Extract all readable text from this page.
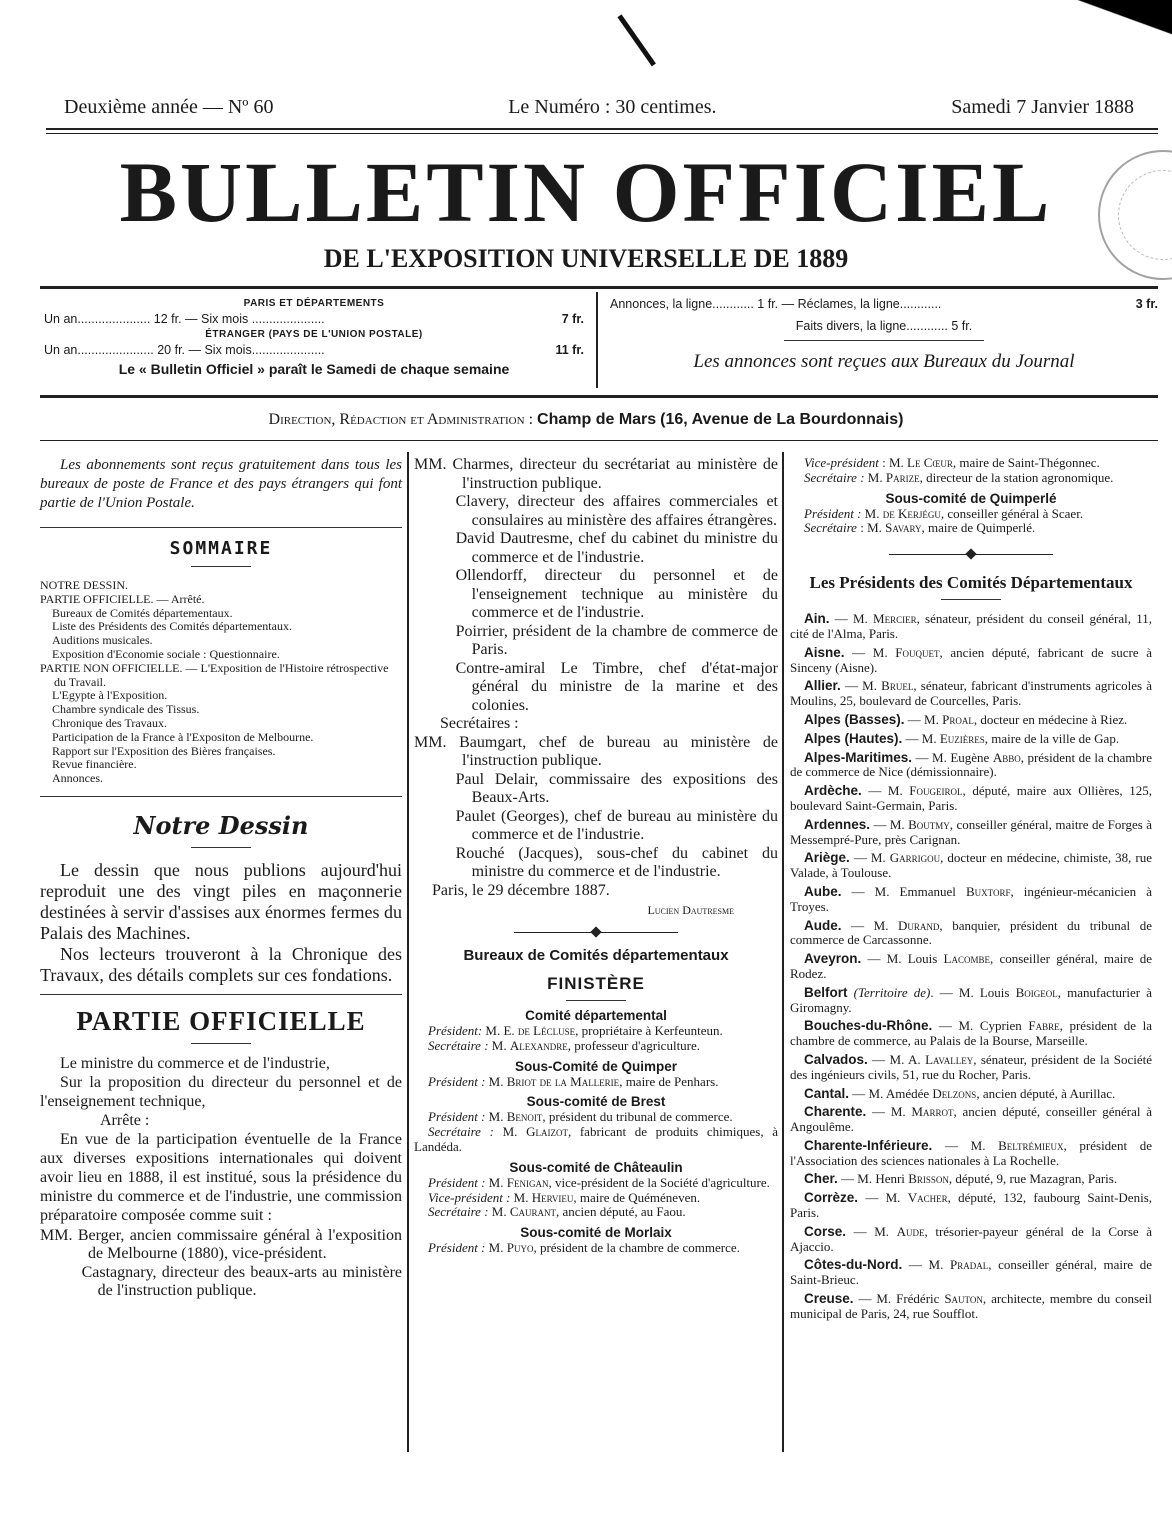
Deuxième année — Nº 60	Le Numéro : 30 centimes.	Samedi 7 Janvier 1888
BULLETIN OFFICIEL
DE L'EXPOSITION UNIVERSELLE DE 1889
PARIS ET DÉPARTEMENTS
Un an..................... 12 fr. — Six mois .....................	7 fr.
ÉTRANGER (PAYS DE L'UNION POSTALE)
Un an...................... 20 fr. — Six mois.....................	11 fr.
Le « Bulletin Officiel » paraît le Samedi de chaque semaine
Annonces, la ligne............ 1 fr. — Réclames, la ligne............	3 fr.
Faits divers, la ligne............ 5 fr.
Les annonces sont reçues aux Bureaux du Journal
Direction, Rédaction et Administration : Champ de Mars (16, Avenue de La Bourdonnais)

Les abonnements sont reçus gratuitement dans tous les bureaux de poste de France et des pays étrangers qui font partie de l'Union Postale.

SOMMAIRE
NOTRE DESSIN.
PARTIE OFFICIELLE. — Arrêté.
Bureaux de Comités départementaux.
Liste des Présidents des Comités départementaux.
Auditions musicales.
Exposition d'Economie sociale : Questionnaire.
PARTIE NON OFFICIELLE. — L'Exposition de l'Histoire rétrospective du Travail.
L'Egypte à l'Exposition.
Chambre syndicale des Tissus.
Chronique des Travaux.
Participation de la France à l'Expositon de Melbourne.
Rapport sur l'Exposition des Bières françaises.
Revue financière.
Annonces.
Notre Dessin

Le dessin que nous publions aujourd'hui reproduit une des vingt piles en maçonnerie destinées à servir d'assises aux énormes fermes du Palais des Machines.

Nos lecteurs trouveront à la Chronique des Travaux, des détails complets sur ces fondations.

PARTIE OFFICIELLE

Le ministre du commerce et de l'industrie,

Sur la proposition du directeur du personnel et de l'enseignement technique,

Arrête :

En vue de la participation éventuelle de la France aux diverses expositions internationales qui doivent avoir lieu en 1888, il est institué, sous la présidence du ministre du commerce et de l'industrie, une commission préparatoire composée comme suit :

MM. Berger, ancien commissaire général à l'exposition de Melbourne (1880), vice-président.
Castagnary, directeur des beaux-arts au ministère de l'instruction publique.
MM. Charmes, directeur du secrétariat au ministère de l'instruction publique.
Clavery, directeur des affaires commerciales et consulaires au ministère des affaires étrangères.
David Dautresme, chef du cabinet du ministre du commerce et de l'industrie.
Ollendorff, directeur du personnel et de l'enseignement technique au ministère du commerce et de l'industrie.
Poirrier, président de la chambre de commerce de Paris.
Contre-amiral Le Timbre, chef d'état-major général du ministre de la marine et des colonies.
Secrétaires :
MM. Baumgart, chef de bureau au ministère de l'instruction publique.
Paul Delair, commissaire des expositions des Beaux-Arts.
Paulet (Georges), chef de bureau au ministère du commerce et de l'industrie.
Rouché (Jacques), sous-chef du cabinet du ministre du commerce et de l'industrie.
Paris, le 29 décembre 1887.
Lucien Dautresme
Bureaux de Comités départementaux
FINISTÈRE
Comité départemental

Président: M. E. de Lécluse, propriétaire à Kerfeunteun.

Secrétaire : M. Alexandre, professeur d'agriculture.

Sous-Comité de Quimper

Président : M. Briot de la Mallerie, maire de Penhars.

Sous-comité de Brest

Président : M. Benoit, président du tribunal de commerce.

Secrétaire : M. Glaizot, fabricant de produits chimiques, à Landéda.

Sous-comité de Châteaulin

Président : M. Fenigan, vice-président de la Société d'agriculture.

Vice-président : M. Hervieu, maire de Quéméneven.

Secrétaire : M. Caurant, ancien député, au Faou.

Sous-comité de Morlaix

Président : M. Puyo, président de la chambre de commerce.

Vice-président : M. Le Cœur, maire de Saint-Thégonnec.

Secrétaire : M. Parize, directeur de la station agronomique.

Sous-comité de Quimperlé

Président : M. de Kerjégu, conseiller général à Scaer.

Secrétaire : M. Savary, maire de Quimperlé.

Les Présidents des Comités Départementaux

Ain. — M. Mercier, sénateur, président du conseil général, 11, cité de l'Alma, Paris.

Aisne. — M. Fouquet, ancien député, fabricant de sucre à Sinceny (Aisne).

Allier. — M. Bruel, sénateur, fabricant d'instruments agricoles à Moulins, 25, boulevard de Courcelles, Paris.

Alpes (Basses). — M. Proal, docteur en médecine à Riez.

Alpes (Hautes). — M. Euzières, maire de la ville de Gap.

Alpes-Maritimes. — M. Eugène Abbo, président de la chambre de commerce de Nice (démissionnaire).

Ardèche. — M. Fougeirol, député, maire aux Ollières, 125, boulevard Saint-Germain, Paris.

Ardennes. — M. Boutmy, conseiller général, maitre de Forges à Messempré-Pure, près Carignan.

Ariège. — M. Garrigou, docteur en médecine, chimiste, 38, rue Valade, à Toulouse.

Aube. — M. Emmanuel Buxtorf, ingénieur-mécanicien à Troyes.

Aude. — M. Durand, banquier, président du tribunal de commerce de Carcassonne.

Aveyron. — M. Louis Lacombe, conseiller général, maire de Rodez.

Belfort (Territoire de). — M. Louis Boigeol, manufacturier à Giromagny.

Bouches-du-Rhône. — M. Cyprien Fabre, président de la chambre de commerce, au Palais de la Bourse, Marseille.

Calvados. — M. A. Lavalley, sénateur, président de la Société des ingénieurs civils, 51, rue du Rocher, Paris.

Cantal. — M. Amédée Delzons, ancien député, à Aurillac.

Charente. — M. Marrot, ancien député, conseiller général à Angoulême.

Charente-Inférieure. — M. Beltrémieux, président de l'Association des sciences nationales à La Rochelle.

Cher. — M. Henri Brisson, député, 9, rue Mazagran, Paris.

Corrèze. — M. Vacher, député, 132, faubourg Saint-Denis, Paris.

Corse. — M. Aude, trésorier-payeur général de la Corse à Ajaccio.

Côtes-du-Nord. — M. Pradal, conseiller général, maire de Saint-Brieuc.

Creuse. — M. Frédéric Sauton, architecte, membre du conseil municipal de Paris, 24, rue Soufflot.
